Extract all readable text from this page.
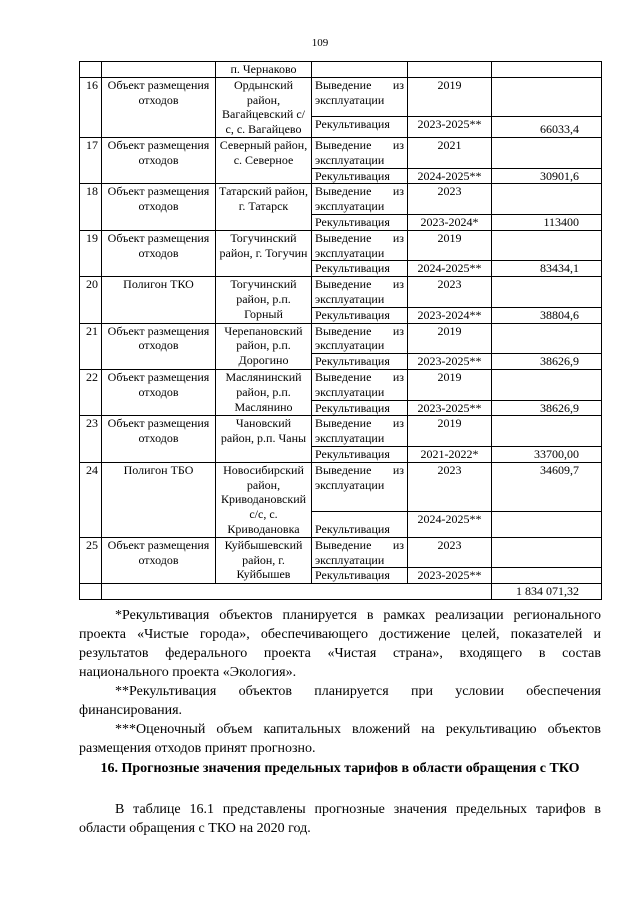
109
		п. Чернаково			
16	Объект размещения отходов	Ордынский район, Вагайцевский с/с, с. Вагайцево	Выведение из эксплуатации	2019	
			Рекультивация	2023-2025**	66033,4
17	Объект размещения отходов	Северный район, с. Северное	Выведение из эксплуатации	2021	
			Рекультивация	2024-2025**	30901,6
18	Объект размещения отходов	Татарский район, г. Татарск	Выведение из эксплуатации	2023	
			Рекультивация	2023-2024*	113400
19	Объект размещения отходов	Тогучинский район, г. Тогучин	Выведение из эксплуатации	2019	
			Рекультивация	2024-2025**	83434,1
20	Полигон ТКО	Тогучинский район, р.п. Горный	Выведение из эксплуатации	2023	
			Рекультивация	2023-2024**	38804,6
21	Объект размещения отходов	Черепановский район, р.п. Дорогино	Выведение из эксплуатации	2019	
			Рекультивация	2023-2025**	38626,9
22	Объект размещения отходов	Маслянинский район, р.п. Маслянино	Выведение из эксплуатации	2019	
			Рекультивация	2023-2025**	38626,9
23	Объект размещения отходов	Чановский район, р.п. Чаны	Выведение из эксплуатации	2019	
			Рекультивация	2021-2022*	33700,00
24	Полигон ТБО	Новосибирский район, Криводановский с/с, с. Криводановка	Выведение из эксплуатации	2023	34609,7
			Рекультивация	2024-2025**	
25	Объект размещения отходов	Куйбышевский район, г. Куйбышев	Выведение из эксплуатации	2023	
			Рекультивация	2023-2025**	
					1 834 071,32

*Рекультивация объектов планируется в рамках реализации регионального проекта «Чистые города», обеспечивающего достижение целей, показателей и результатов федерального проекта «Чистая страна», входящего в состав национального проекта «Экология».

**Рекультивация объектов планируется при условии обеспечения финансирования.

***Оценочный объем капитальных вложений на рекультивацию объектов размещения отходов принят прогнозно.

16. Прогнозные значения предельных тарифов в области обращения с ТКО

В таблице 16.1 представлены прогнозные значения предельных тарифов в области обращения с ТКО на 2020 год.
